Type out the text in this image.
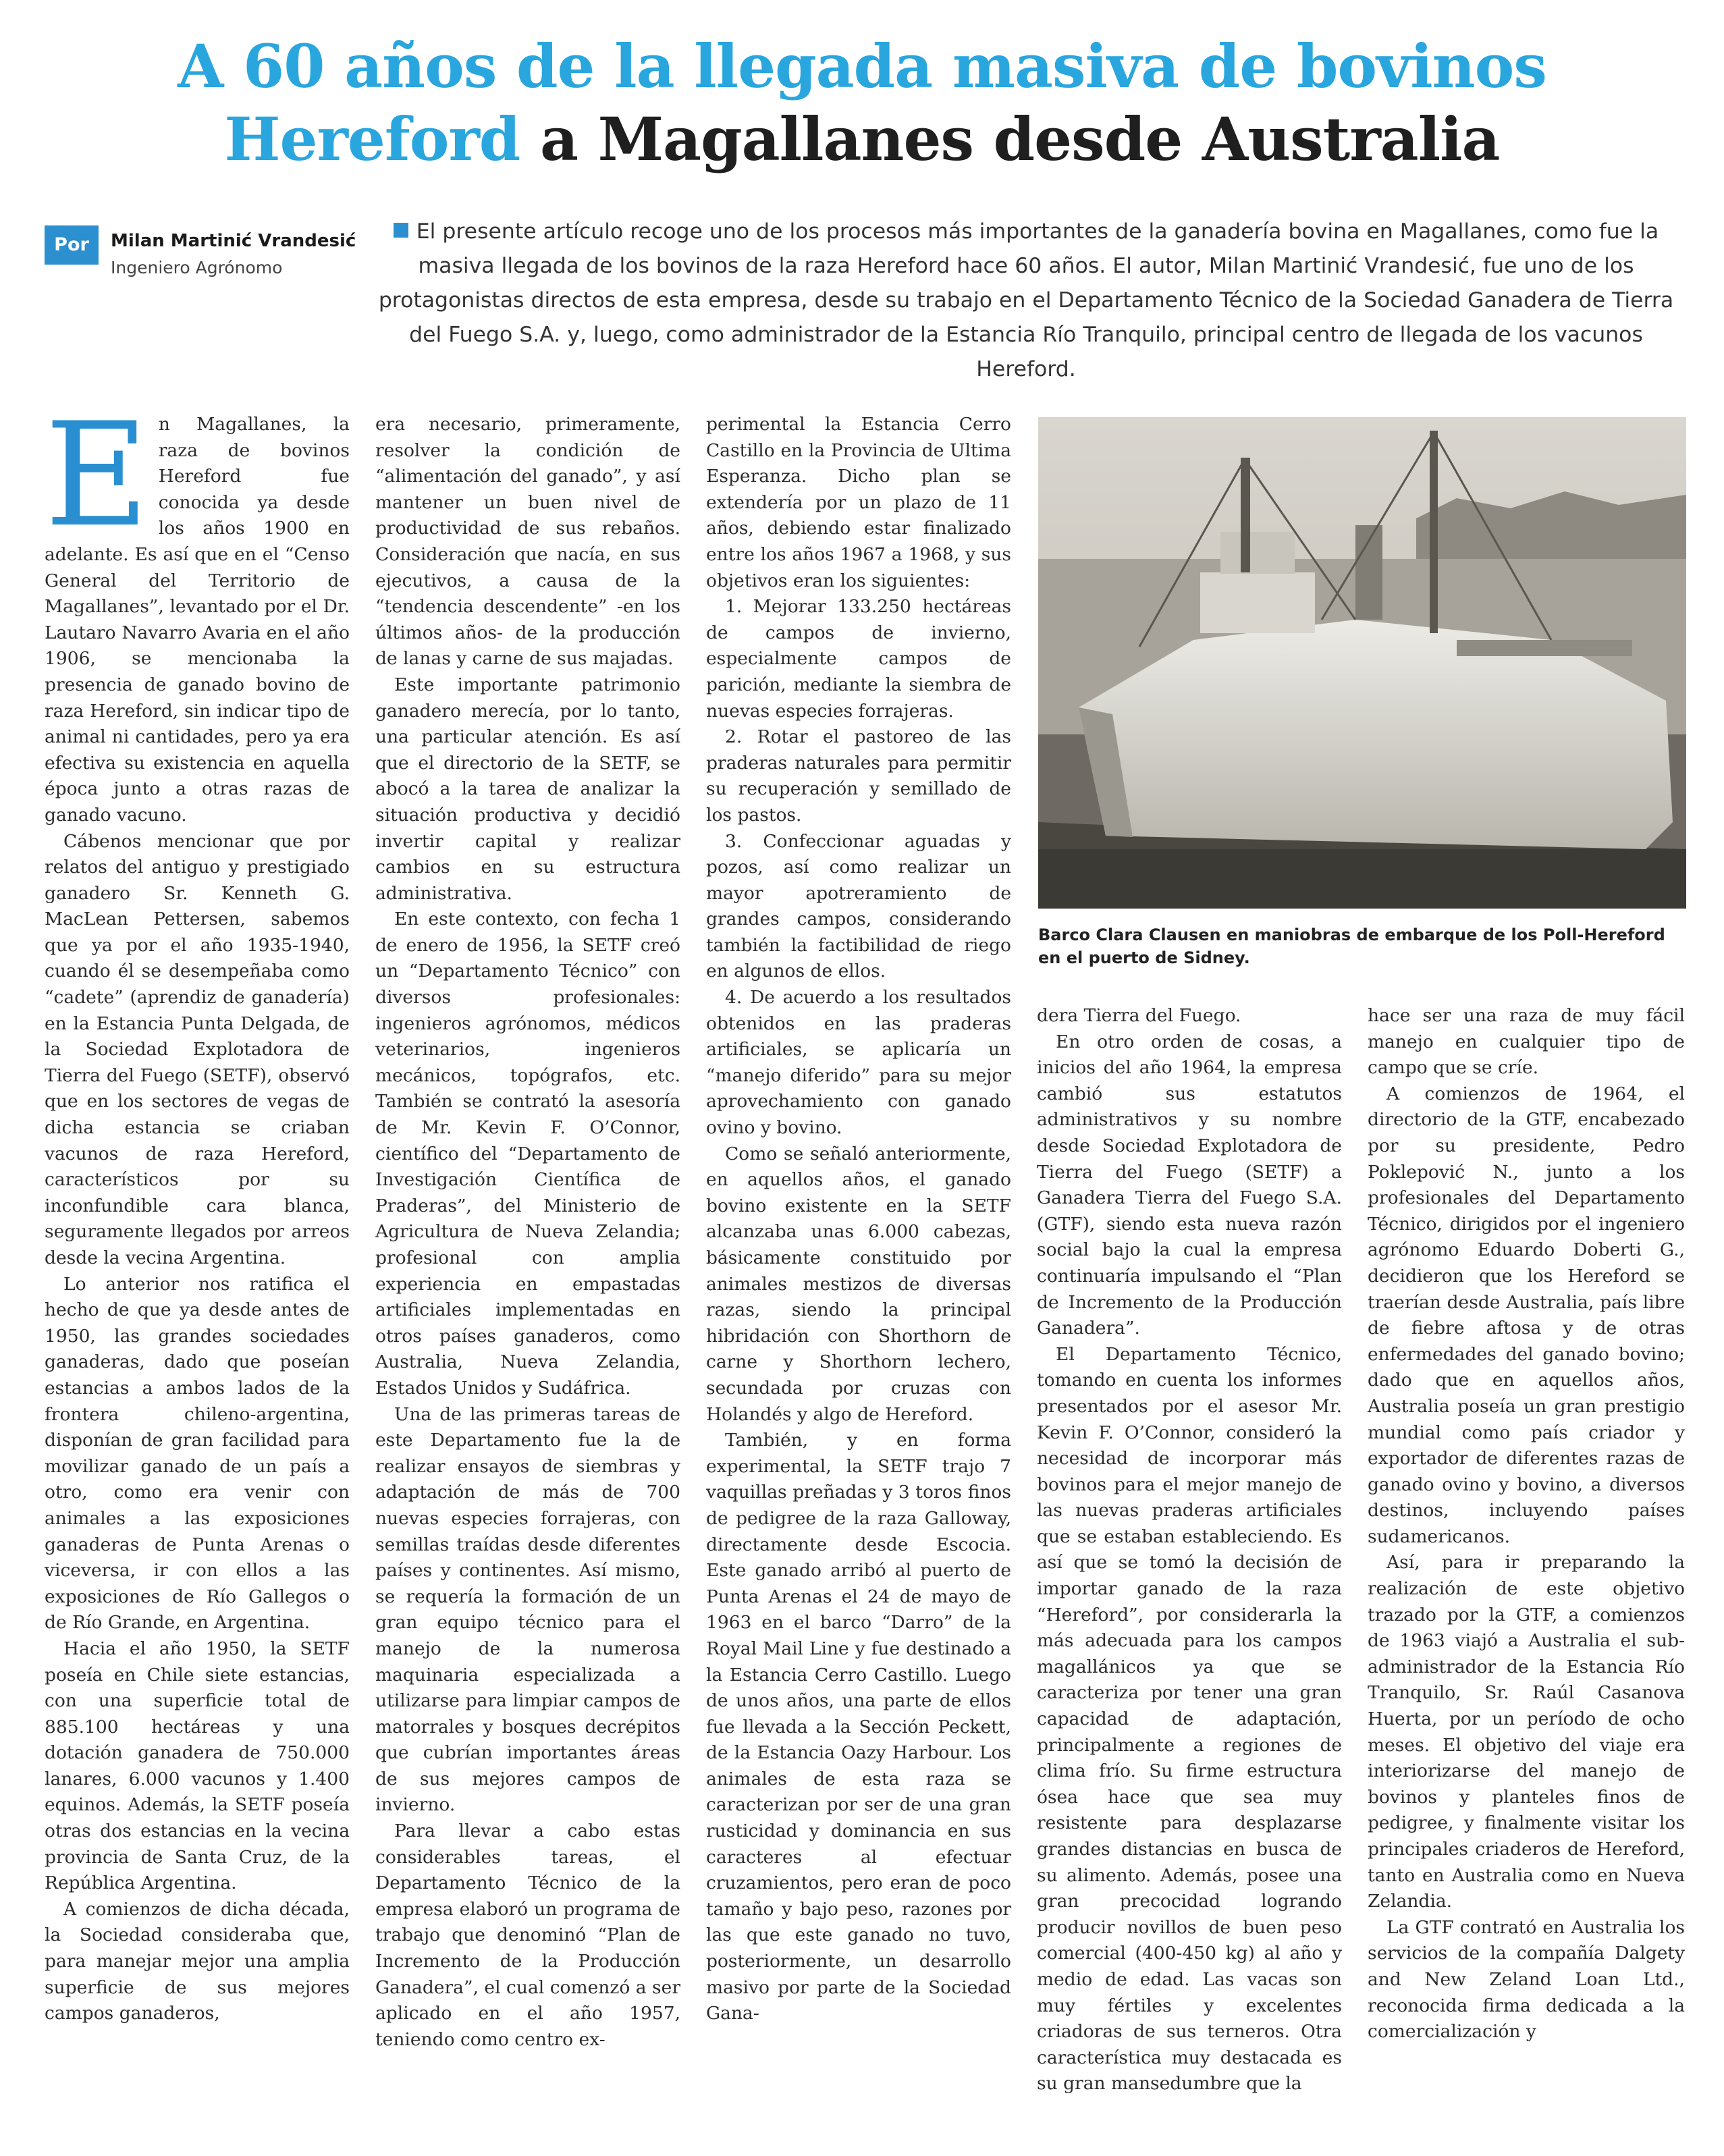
A 60 años de la llegada masiva de bovinos
Hereford a Magallanes desde Australia
Por	Milan Martinić Vrandesić
Ingeniero Agrónomo
El presente artículo recoge uno de los procesos más importantes de la ganadería bovina en Magallanes, como fue la masiva llegada de los bovinos de la raza Hereford hace 60 años. El autor, Milan Martinić Vrandesić, fue uno de los protagonistas directos de esta empresa, desde su trabajo en el Departamento Técnico de la Sociedad Ganadera de Tierra del Fuego S.A. y, luego, como administrador de la Estancia Río Tranquilo, principal centro de llegada de los vacunos Hereford.

En Magallanes, la raza de bovinos Hereford fue conocida ya desde los años 1900 en adelante. Es así que en el “Censo General del Territorio de Magallanes”, levantado por el Dr. Lautaro Navarro Avaria en el año 1906, se mencionaba la presencia de ganado bovino de raza Hereford, sin indicar tipo de animal ni cantidades, pero ya era efectiva su existencia en aquella época junto a otras razas de ganado vacuno.

Cábenos mencionar que por relatos del antiguo y prestigiado ganadero Sr. Kenneth G. MacLean Pettersen, sabemos que ya por el año 1935-1940, cuando él se desempeñaba como “cadete” (aprendiz de ganadería) en la Estancia Punta Delgada, de la Sociedad Explotadora de Tierra del Fuego (SETF), observó que en los sectores de vegas de dicha estancia se criaban vacunos de raza Hereford, característicos por su inconfundible cara blanca, seguramente llegados por arreos desde la vecina Argentina.

Lo anterior nos ratifica el hecho de que ya desde antes de 1950, las grandes sociedades ganaderas, dado que poseían estancias a ambos lados de la frontera chileno-argentina, disponían de gran facilidad para movilizar ganado de un país a otro, como era venir con animales a las exposiciones ganaderas de Punta Arenas o viceversa, ir con ellos a las exposiciones de Río Gallegos o de Río Grande, en Argentina.

Hacia el año 1950, la SETF poseía en Chile siete estancias, con una superficie total de 885.100 hectáreas y una dotación ganadera de 750.000 lanares, 6.000 vacunos y 1.400 equinos. Además, la SETF poseía otras dos estancias en la vecina provincia de Santa Cruz, de la República Argentina.

A comienzos de dicha década, la Sociedad consideraba que, para manejar mejor una amplia superficie de sus mejores campos ganaderos,

era necesario, primeramente, resolver la condición de “alimentación del ganado”, y así mantener un buen nivel de productividad de sus rebaños. Consideración que nacía, en sus ejecutivos, a causa de la “tendencia descendente” -en los últimos años- de la producción de lanas y carne de sus majadas.

Este importante patrimonio ganadero merecía, por lo tanto, una particular atención. Es así que el directorio de la SETF, se abocó a la tarea de analizar la situación productiva y decidió invertir capital y realizar cambios en su estructura administrativa.

En este contexto, con fecha 1 de enero de 1956, la SETF creó un “Departamento Técnico” con diversos profesionales: ingenieros agrónomos, médicos veterinarios, ingenieros mecánicos, topógrafos, etc. También se contrató la asesoría de Mr. Kevin F. O’Connor, científico del “Departamento de Investigación Científica de Praderas”, del Ministerio de Agricultura de Nueva Zelandia; profesional con amplia experiencia en empastadas artificiales implementadas en otros países ganaderos, como Australia, Nueva Zelandia, Estados Unidos y Sudáfrica.

Una de las primeras tareas de este Departamento fue la de realizar ensayos de siembras y adaptación de más de 700 nuevas especies forrajeras, con semillas traídas desde diferentes países y continentes. Así mismo, se requería la formación de un gran equipo técnico para el manejo de la numerosa maquinaria especializada a utilizarse para limpiar campos de matorrales y bosques decrépitos que cubrían importantes áreas de sus mejores campos de invierno.

Para llevar a cabo estas considerables tareas, el Departamento Técnico de la empresa elaboró un programa de trabajo que denominó “Plan de Incremento de la Producción Ganadera”, el cual comenzó a ser aplicado en el año 1957, teniendo como centro ex-

perimental la Estancia Cerro Castillo en la Provincia de Ultima Esperanza. Dicho plan se extendería por un plazo de 11 años, debiendo estar finalizado entre los años 1967 a 1968, y sus objetivos eran los siguientes:

1. Mejorar 133.250 hectáreas de campos de invierno, especialmente campos de parición, mediante la siembra de nuevas especies forrajeras.

2. Rotar el pastoreo de las praderas naturales para permitir su recuperación y semillado de los pastos.

3. Confeccionar aguadas y pozos, así como realizar un mayor apotreramiento de grandes campos, considerando también la factibilidad de riego en algunos de ellos.

4. De acuerdo a los resultados obtenidos en las praderas artificiales, se aplicaría un “manejo diferido” para su mejor aprovechamiento con ganado ovino y bovino.

Como se señaló anteriormente, en aquellos años, el ganado bovino existente en la SETF alcanzaba unas 6.000 cabezas, básicamente constituido por animales mestizos de diversas razas, siendo la principal hibridación con Shorthorn de carne y Shorthorn lechero, secundada por cruzas con Holandés y algo de Hereford.

También, y en forma experimental, la SETF trajo 7 vaquillas preñadas y 3 toros finos de pedigree de la raza Galloway, directamente desde Escocia. Este ganado arribó al puerto de Punta Arenas el 24 de mayo de 1963 en el barco “Darro” de la Royal Mail Line y fue destinado a la Estancia Cerro Castillo. Luego de unos años, una parte de ellos fue llevada a la Sección Peckett, de la Estancia Oazy Harbour. Los animales de esta raza se caracterizan por ser de una gran rusticidad y dominancia en sus caracteres al efectuar cruzamientos, pero eran de poco tamaño y bajo peso, razones por las que este ganado no tuvo, posteriormente, un desarrollo masivo por parte de la Sociedad Gana-

Barco Clara Clausen en maniobras de embarque de los Poll-Hereford en el puerto de Sidney.

dera Tierra del Fuego.

En otro orden de cosas, a inicios del año 1964, la empresa cambió sus estatutos administrativos y su nombre desde Sociedad Explotadora de Tierra del Fuego (SETF) a Ganadera Tierra del Fuego S.A. (GTF), siendo esta nueva razón social bajo la cual la empresa continuaría impulsando el “Plan de Incremento de la Producción Ganadera”.

El Departamento Técnico, tomando en cuenta los informes presentados por el asesor Mr. Kevin F. O’Connor, consideró la necesidad de incorporar más bovinos para el mejor manejo de las nuevas praderas artificiales que se estaban estableciendo. Es así que se tomó la decisión de importar ganado de la raza “Hereford”, por considerarla la más adecuada para los campos magallánicos ya que se caracteriza por tener una gran capacidad de adaptación, principalmente a regiones de clima frío. Su firme estructura ósea hace que sea muy resistente para desplazarse grandes distancias en busca de su alimento. Además, posee una gran precocidad logrando producir novillos de buen peso comercial (400-450 kg) al año y medio de edad. Las vacas son muy fértiles y excelentes criadoras de sus terneros. Otra característica muy destacada es su gran mansedumbre que la

hace ser una raza de muy fácil manejo en cualquier tipo de campo que se críe.

A comienzos de 1964, el directorio de la GTF, encabezado por su presidente, Pedro Poklepović N., junto a los profesionales del Departamento Técnico, dirigidos por el ingeniero agrónomo Eduardo Doberti G., decidieron que los Hereford se traerían desde Australia, país libre de fiebre aftosa y de otras enfermedades del ganado bovino; dado que en aquellos años, Australia poseía un gran prestigio mundial como país criador y exportador de diferentes razas de ganado ovino y bovino, a diversos destinos, incluyendo países sudamericanos.

Así, para ir preparando la realización de este objetivo trazado por la GTF, a comienzos de 1963 viajó a Australia el sub-administrador de la Estancia Río Tranquilo, Sr. Raúl Casanova Huerta, por un período de ocho meses. El objetivo del viaje era interiorizarse del manejo de bovinos y planteles finos de pedigree, y finalmente visitar los principales criaderos de Hereford, tanto en Australia como en Nueva Zelandia.

La GTF contrató en Australia los servicios de la compañía Dalgety and New Zeland Loan Ltd., reconocida firma dedicada a la comercialización y
